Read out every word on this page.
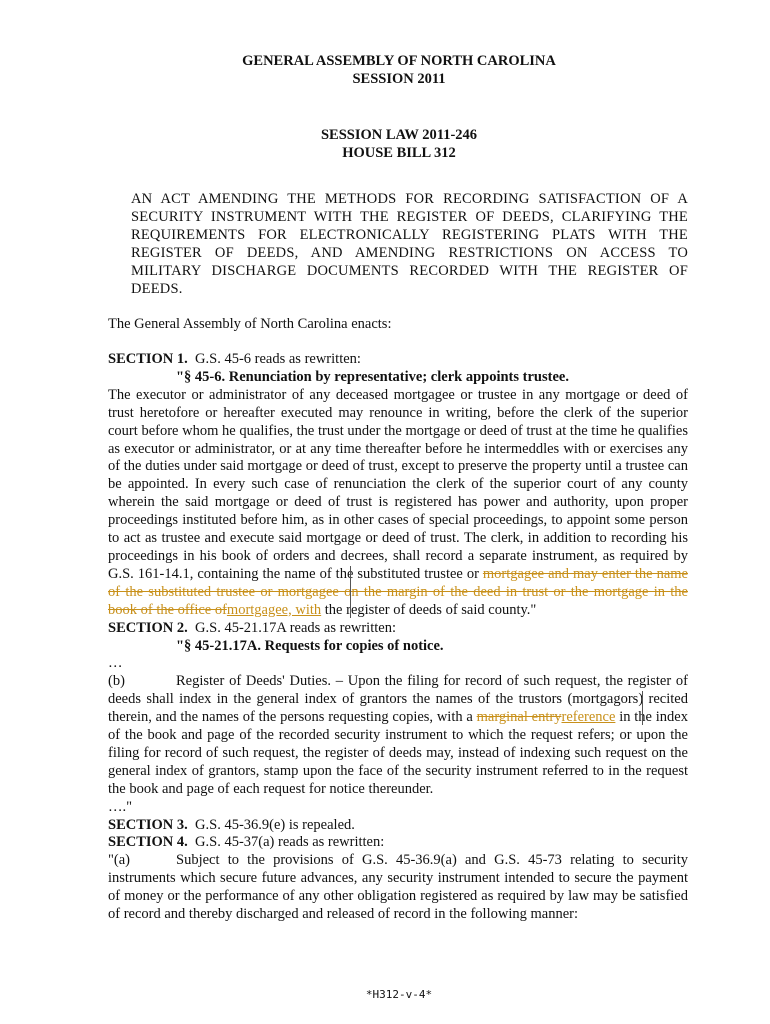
GENERAL ASSEMBLY OF NORTH CAROLINA
SESSION 2011
SESSION LAW 2011-246
HOUSE BILL 312
AN ACT AMENDING THE METHODS FOR RECORDING SATISFACTION OF A SECURITY INSTRUMENT WITH THE REGISTER OF DEEDS, CLARIFYING THE REQUIREMENTS FOR ELECTRONICALLY REGISTERING PLATS WITH THE REGISTER OF DEEDS, AND AMENDING RESTRICTIONS ON ACCESS TO MILITARY DISCHARGE DOCUMENTS RECORDED WITH THE REGISTER OF DEEDS.
The General Assembly of North Carolina enacts:
SECTION 1. G.S. 45-6 reads as rewritten:
"§ 45-6. Renunciation by representative; clerk appoints trustee.
The executor or administrator of any deceased mortgagee or trustee in any mortgage or deed of trust heretofore or hereafter executed may renounce in writing, before the clerk of the superior court before whom he qualifies, the trust under the mortgage or deed of trust at the time he qualifies as executor or administrator, or at any time thereafter before he intermeddles with or exercises any of the duties under said mortgage or deed of trust, except to preserve the property until a trustee can be appointed. In every such case of renunciation the clerk of the superior court of any county wherein the said mortgage or deed of trust is registered has power and authority, upon proper proceedings instituted before him, as in other cases of special proceedings, to appoint some person to act as trustee and execute said mortgage or deed of trust. The clerk, in addition to recording his proceedings in his book of orders and decrees, shall record a separate instrument, as required by G.S. 161-14.1, containing the name of the substituted trustee or mortgagee and may enter the name of the substituted trustee or mortgagee on the margin of the deed in trust or the mortgage in the book of the office ofmortgagee, with the register of deeds of said county."
SECTION 2. G.S. 45-21.17A reads as rewritten:
"§ 45-21.17A. Requests for copies of notice.
…
(b)	Register of Deeds' Duties. – Upon the filing for record of such request, the register of deeds shall index in the general index of grantors the names of the trustors (mortgagors) recited therein, and the names of the persons requesting copies, with a marginal entryreference in the index of the book and page of the recorded security instrument to which the request refers; or upon the filing for record of such request, the register of deeds may, instead of indexing such request on the general index of grantors, stamp upon the face of the security instrument referred to in the request the book and page of each request for notice thereunder.
…."
SECTION 3. G.S. 45-36.9(e) is repealed.
SECTION 4. G.S. 45-37(a) reads as rewritten:
"(a)	Subject to the provisions of G.S. 45-36.9(a) and G.S. 45-73 relating to security instruments which secure future advances, any security instrument intended to secure the payment of money or the performance of any other obligation registered as required by law may be satisfied of record and thereby discharged and released of record in the following manner:
*H312-v-4*
